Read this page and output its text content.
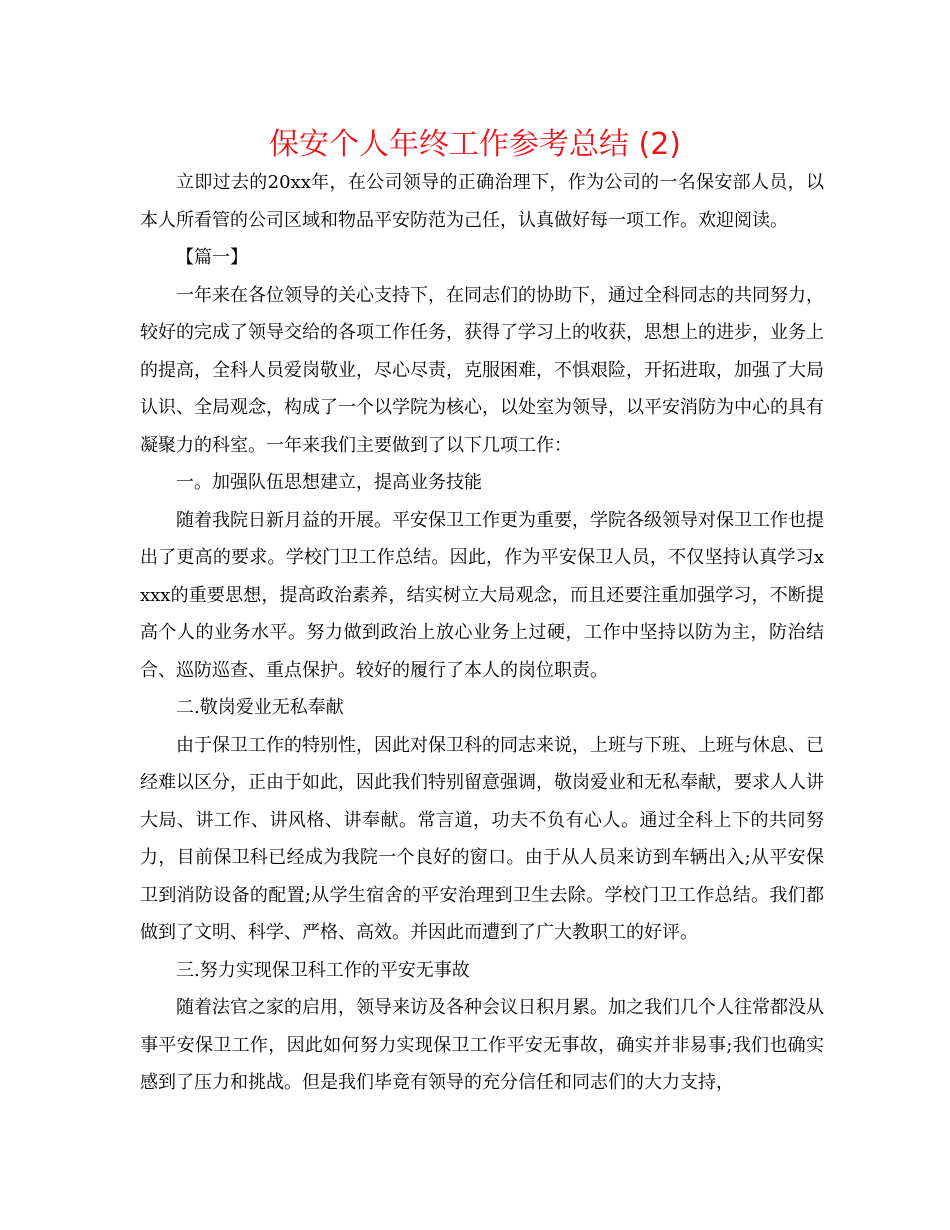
保安个人年终工作参考总结 (2)

立即过去的20xx年，在公司领导的正确治理下，作为公司的一名保安部人员，以本人所看管的公司区域和物品平安防范为己任，认真做好每一项工作。欢迎阅读。

【篇一】

一年来在各位领导的关心支持下，在同志们的协助下，通过全科同志的共同努力，较好的完成了领导交给的各项工作任务，获得了学习上的收获，思想上的进步，业务上的提高，全科人员爱岗敬业，尽心尽责，克服困难，不惧艰险，开拓进取，加强了大局认识、全局观念，构成了一个以学院为核心，以处室为领导，以平安消防为中心的具有凝聚力的科室。一年来我们主要做到了以下几项工作：

一。加强队伍思想建立，提高业务技能

随着我院日新月益的开展。平安保卫工作更为重要，学院各级领导对保卫工作也提出了更高的要求。学校门卫工作总结。因此，作为平安保卫人员，不仅坚持认真学习xxxx的重要思想，提高政治素养，结实树立大局观念，而且还要注重加强学习，不断提高个人的业务水平。努力做到政治上放心业务上过硬，工作中坚持以防为主，防治结合、巡防巡查、重点保护。较好的履行了本人的岗位职责。

二.敬岗爱业无私奉献

由于保卫工作的特别性，因此对保卫科的同志来说，上班与下班、上班与休息、已经难以区分，正由于如此，因此我们特别留意强调，敬岗爱业和无私奉献，要求人人讲大局、讲工作、讲风格、讲奉献。常言道，功夫不负有心人。通过全科上下的共同努力，目前保卫科已经成为我院一个良好的窗口。由于从人员来访到车辆出入;从平安保卫到消防设备的配置;从学生宿舍的平安治理到卫生去除。学校门卫工作总结。我们都做到了文明、科学、严格、高效。并因此而遭到了广大教职工的好评。

三.努力实现保卫科工作的平安无事故

随着法官之家的启用，领导来访及各种会议日积月累。加之我们几个人往常都没从事平安保卫工作，因此如何努力实现保卫工作平安无事故，确实并非易事;我们也确实感到了压力和挑战。但是我们毕竟有领导的充分信任和同志们的大力支持，
